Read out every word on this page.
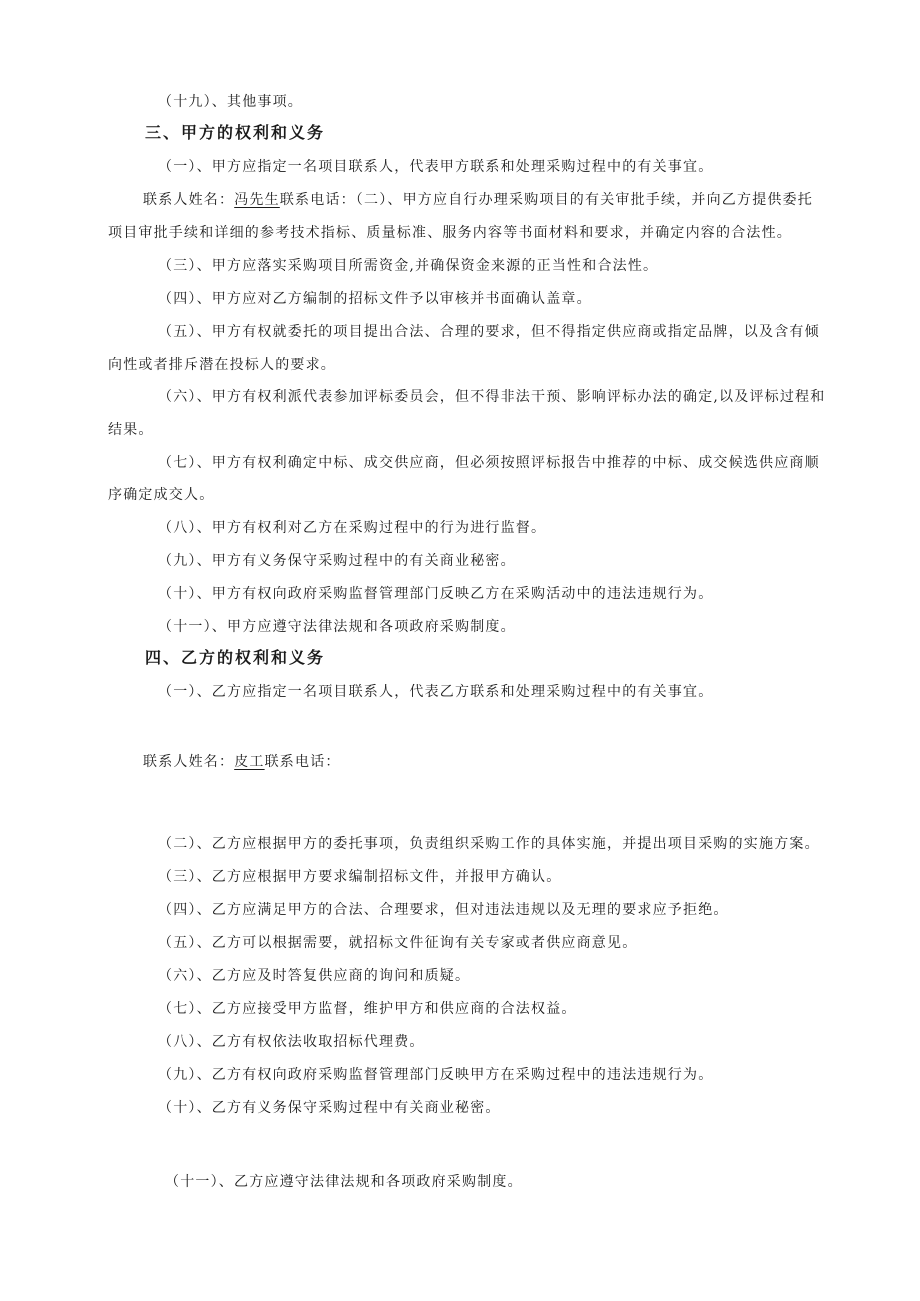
（十九）、其他事项。
三、甲方的权利和义务
（一）、甲方应指定一名项目联系人，代表甲方联系和处理采购过程中的有关事宜。
联系人姓名：冯先生联系电话：（二）、甲方应自行办理采购项目的有关审批手续，并向乙方提供委托
项目审批手续和详细的参考技术指标、质量标准、服务内容等书面材料和要求，并确定内容的合法性。
（三）、甲方应落实采购项目所需资金,并确保资金来源的正当性和合法性。
（四）、甲方应对乙方编制的招标文件予以审核并书面确认盖章。
（五）、甲方有权就委托的项目提出合法、合理的要求，但不得指定供应商或指定品牌，以及含有倾
向性或者排斥潜在投标人的要求。
（六）、甲方有权利派代表参加评标委员会，但不得非法干预、影响评标办法的确定,以及评标过程和
结果。
（七）、甲方有权利确定中标、成交供应商，但必须按照评标报告中推荐的中标、成交候选供应商顺
序确定成交人。
（八）、甲方有权利对乙方在采购过程中的行为进行监督。
（九）、甲方有义务保守采购过程中的有关商业秘密。
（十）、甲方有权向政府采购监督管理部门反映乙方在采购活动中的违法违规行为。
（十一）、甲方应遵守法律法规和各项政府采购制度。
四、乙方的权利和义务
（一）、乙方应指定一名项目联系人，代表乙方联系和处理采购过程中的有关事宜。
联系人姓名：皮工联系电话：
（二）、乙方应根据甲方的委托事项，负责组织采购工作的具体实施，并提出项目采购的实施方案。
（三）、乙方应根据甲方要求编制招标文件，并报甲方确认。
（四）、乙方应满足甲方的合法、合理要求，但对违法违规以及无理的要求应予拒绝。
（五）、乙方可以根据需要，就招标文件征询有关专家或者供应商意见。
（六）、乙方应及时答复供应商的询问和质疑。
（七）、乙方应接受甲方监督，维护甲方和供应商的合法权益。
（八）、乙方有权依法收取招标代理费。
（九）、乙方有权向政府采购监督管理部门反映甲方在采购过程中的违法违规行为。
（十）、乙方有义务保守采购过程中有关商业秘密。
（十一）、乙方应遵守法律法规和各项政府采购制度。
